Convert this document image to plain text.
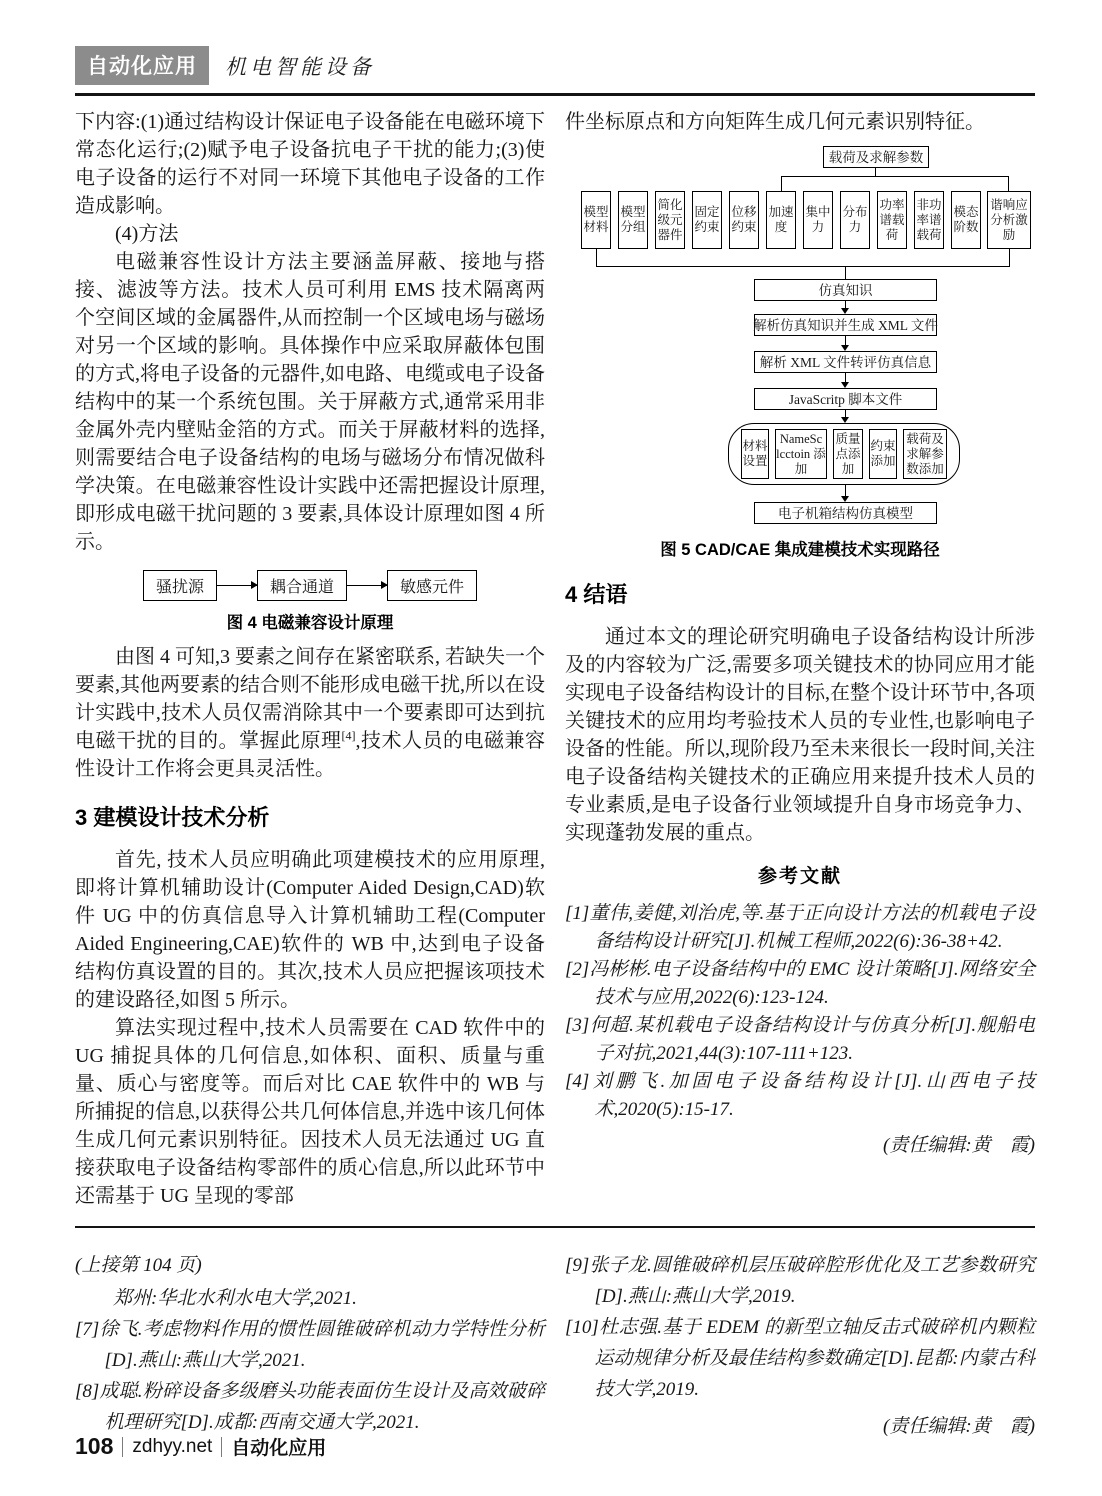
自动化应用	机电智能设备

下内容:(1)通过结构设计保证电子设备能在电磁环境下常态化运行;(2)赋予电子设备抗电子干扰的能力;(3)使电子设备的运行不对同一环境下其他电子设备的工作造成影响。

(4)方法

电磁兼容性设计方法主要涵盖屏蔽、接地与搭接、滤波等方法。技术人员可利用 EMS 技术隔离两个空间区域的金属器件,从而控制一个区域电场与磁场对另一个区域的影响。具体操作中应采取屏蔽体包围的方式,将电子设备的元器件,如电路、电缆或电子设备结构中的某一个系统包围。关于屏蔽方式,通常采用非金属外壳内壁贴金箔的方式。而关于屏蔽材料的选择,则需要结合电子设备结构的电场与磁场分布情况做科学决策。在电磁兼容性设计实践中还需把握设计原理, 即形成电磁干扰问题的 3 要素,具体设计原理如图 4 所示。

骚扰源	耦合通道	敏感元件
图 4 电磁兼容设计原理

由图 4 可知,3 要素之间存在紧密联系, 若缺失一个要素,其他两要素的结合则不能形成电磁干扰,所以在设计实践中,技术人员仅需消除其中一个要素即可达到抗电磁干扰的目的。掌握此原理[4],技术人员的电磁兼容性设计工作将会更具灵活性。

3 建模设计技术分析

首先, 技术人员应明确此项建模技术的应用原理,即将计算机辅助设计(Computer Aided Design,CAD)软件 UG 中的仿真信息导入计算机辅助工程(Computer Aided Engineering,CAE)软件的 WB 中,达到电子设备结构仿真设置的目的。其次,技术人员应把握该项技术的建设路径,如图 5 所示。

算法实现过程中,技术人员需要在 CAD 软件中的 UG 捕捉具体的几何信息,如体积、面积、质量与重量、质心与密度等。而后对比 CAE 软件中的 WB 与所捕捉的信息,以获得公共几何体信息,并选中该几何体生成几何元素识别特征。因技术人员无法通过 UG 直接获取电子设备结构零部件的质心信息,所以此环节中还需基于 UG 呈现的零部

件坐标原点和方向矩阵生成几何元素识别特征。

载荷及求解参数
模型材料
模型分组
简化级元器件
固定约束
位移约束
加速度
集中力
分布力
功率谱载荷
非功率谱载荷
模态阶数
谐响应分析激励
仿真知识
解析仿真知识并生成 XML 文件
解析 XML 文件转评仿真信息
JavaScritp 脚本文件
材料设置
NameSc lcctoin 添加
质量点添加
约束添加
载荷及求解参数添加
电子机箱结构仿真模型
图 5 CAD/CAE 集成建模技术实现路径
4 结语

通过本文的理论研究明确电子设备结构设计所涉及的内容较为广泛,需要多项关键技术的协同应用才能实现电子设备结构设计的目标,在整个设计环节中,各项关键技术的应用均考验技术人员的专业性,也影响电子设备的性能。所以,现阶段乃至未来很长一段时间,关注电子设备结构关键技术的正确应用来提升技术人员的专业素质,是电子设备行业领域提升自身市场竞争力、实现蓬勃发展的重点。

参考文献

[1]董伟,姜健,刘治虎,等.基于正向设计方法的机载电子设备结构设计研究[J].机械工程师,2022(6):36-38+42.

[2]冯彬彬.电子设备结构中的 EMC 设计策略[J].网络安全技术与应用,2022(6):123-124.

[3]何超.某机载电子设备结构设计与仿真分析[J].舰船电子对抗,2021,44(3):107-111+123.

[4]刘鹏飞.加固电子设备结构设计[J].山西电子技术,2020(5):15-17.

(责任编辑:黄　霞)

(上接第 104 页)

郑州:华北水利水电大学,2021.

[7]徐飞.考虑物料作用的惯性圆锥破碎机动力学特性分析[D].燕山:燕山大学,2021.

[8]成聪.粉碎设备多级磨头功能表面仿生设计及高效破碎机理研究[D].成都:西南交通大学,2021.

[9]张子龙.圆锥破碎机层压破碎腔形优化及工艺参数研究[D].燕山:燕山大学,2019.

[10]杜志强.基于 EDEM 的新型立轴反击式破碎机内颗粒运动规律分析及最佳结构参数确定[D].昆都:内蒙古科技大学,2019.

(责任编辑:黄　霞)

108 zdhyy.net 自动化应用
